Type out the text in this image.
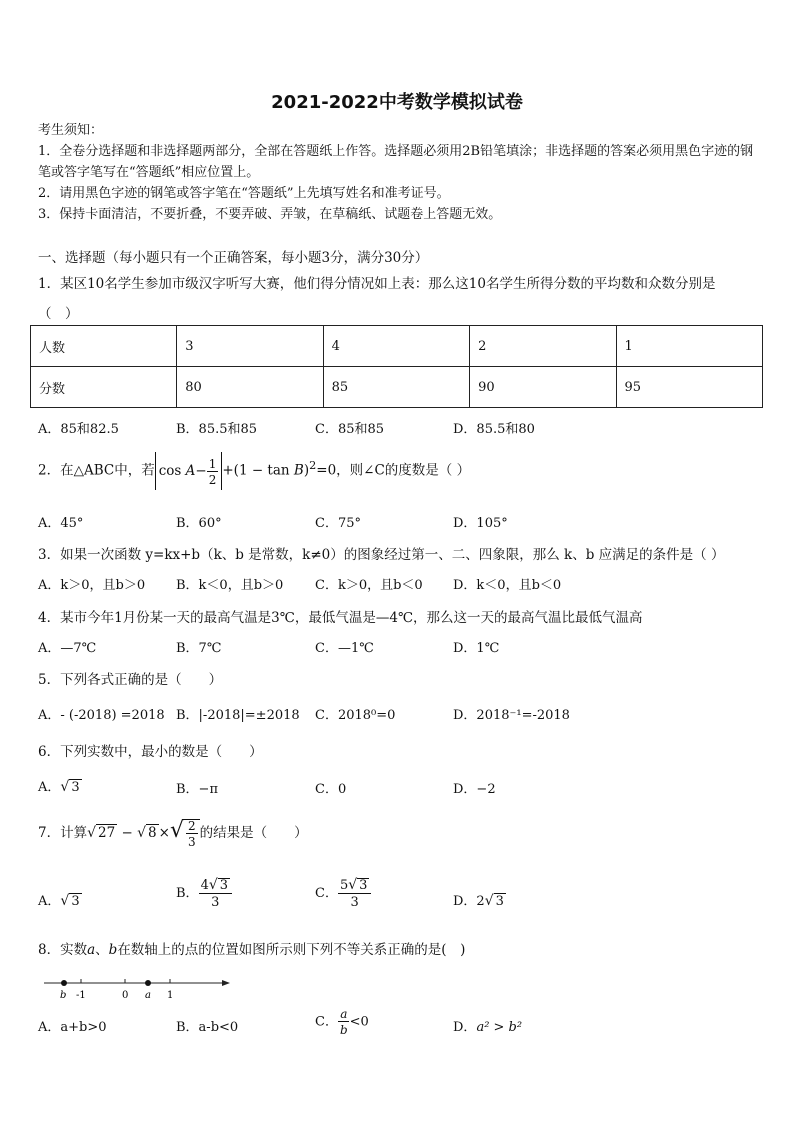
2021-2022中考数学模拟试卷
考生须知：
1．全卷分选择题和非选择题两部分，全部在答题纸上作答。选择题必须用2B铅笔填涂；非选择题的答案必须用黑色字迹的钢笔或答字笔写在“答题纸”相应位置上。
2．请用黑色字迹的钢笔或答字笔在“答题纸”上先填写姓名和准考证号。
3．保持卡面清洁，不要折叠，不要弄破、弄皱，在草稿纸、试题卷上答题无效。
一、选择题（每小题只有一个正确答案，每小题3分，满分30分）
1．某区10名学生参加市级汉字听写大赛，他们得分情况如上表：那么这10名学生所得分数的平均数和众数分别是
（　）
人数	3	4	2	1
分数	80	85	90	95
A．85和82.5	B．85.5和85	C．85和85	D．85.5和80
2．在△ABC中，若 $\cos A- \frac{1}{2} +(1 - \tan B)^2=0$，则∠C的度数是（ ）
A．45°	B．60°	C．75°	D．105°
3．如果一次函数 y=kx+b（k、b 是常数，k≠0）的图象经过第一、二、四象限，那么 k、b 应满足的条件是（ ）
A．k＞0，且b＞0 B．k＜0，且b＞0 C．k＞0，且b＜0 D．k＜0，且b＜0
4．某市今年1月份某一天的最高气温是3℃，最低气温是—4℃，那么这一天的最高气温比最低气温高
A．—7℃	B．7℃	C．—1℃	D．1℃
5．下列各式正确的是（　　）
A．- (-2018) =2018 B．|-2018|=±2018 C．2018⁰=0	D．2018⁻¹=-2018
6．下列实数中，最小的数是（　　）
A．√ 3	B．−π	C．0	D．−2
7．计算√ 27 − √ 8 ×√ $\frac{2}{3}$ 的结果是（　　）
A．√ 3
B． $\frac{4√ 3}{3}$	C． $\frac{5√ 3}{3}$	D．2√ 3
8．实数a、b在数轴上的点的位置如图所示则下列不等关系正确的是(　)
b -1	0 a 1
A．a+b>0	B．a-b<0	C． $\frac{a}{b} <0$	D．a² > b²
